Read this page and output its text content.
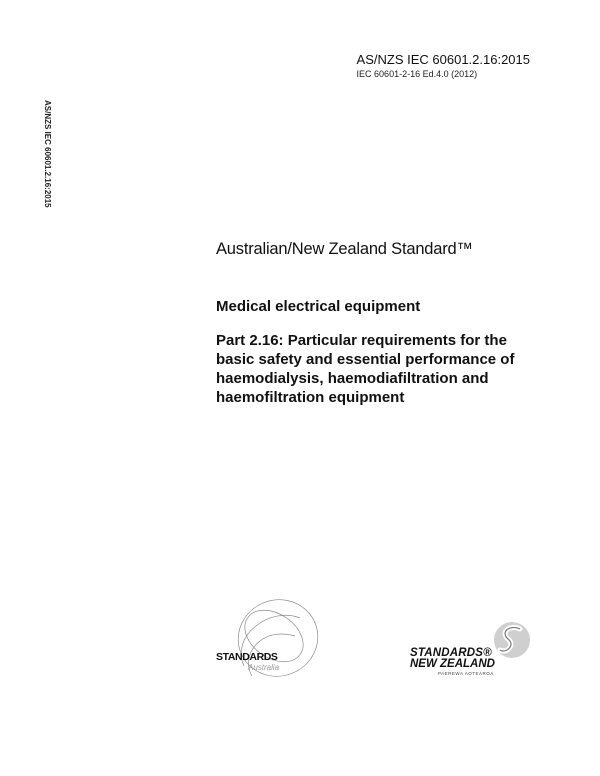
AS/NZS IEC 60601.2.16:2015
IEC 60601-2-16 Ed.4.0 (2012)
AS/NZS IEC 60601.2.16:2015
Australian/New Zealand Standard™
Medical electrical equipment
Part 2.16: Particular requirements for the basic safety and essential performance of haemodialysis, haemodiafiltration and haemofiltration equipment
STANDARDS
Australia
STANDARDS®
NEW ZEALAND
PAEREWA AOTEAROA
